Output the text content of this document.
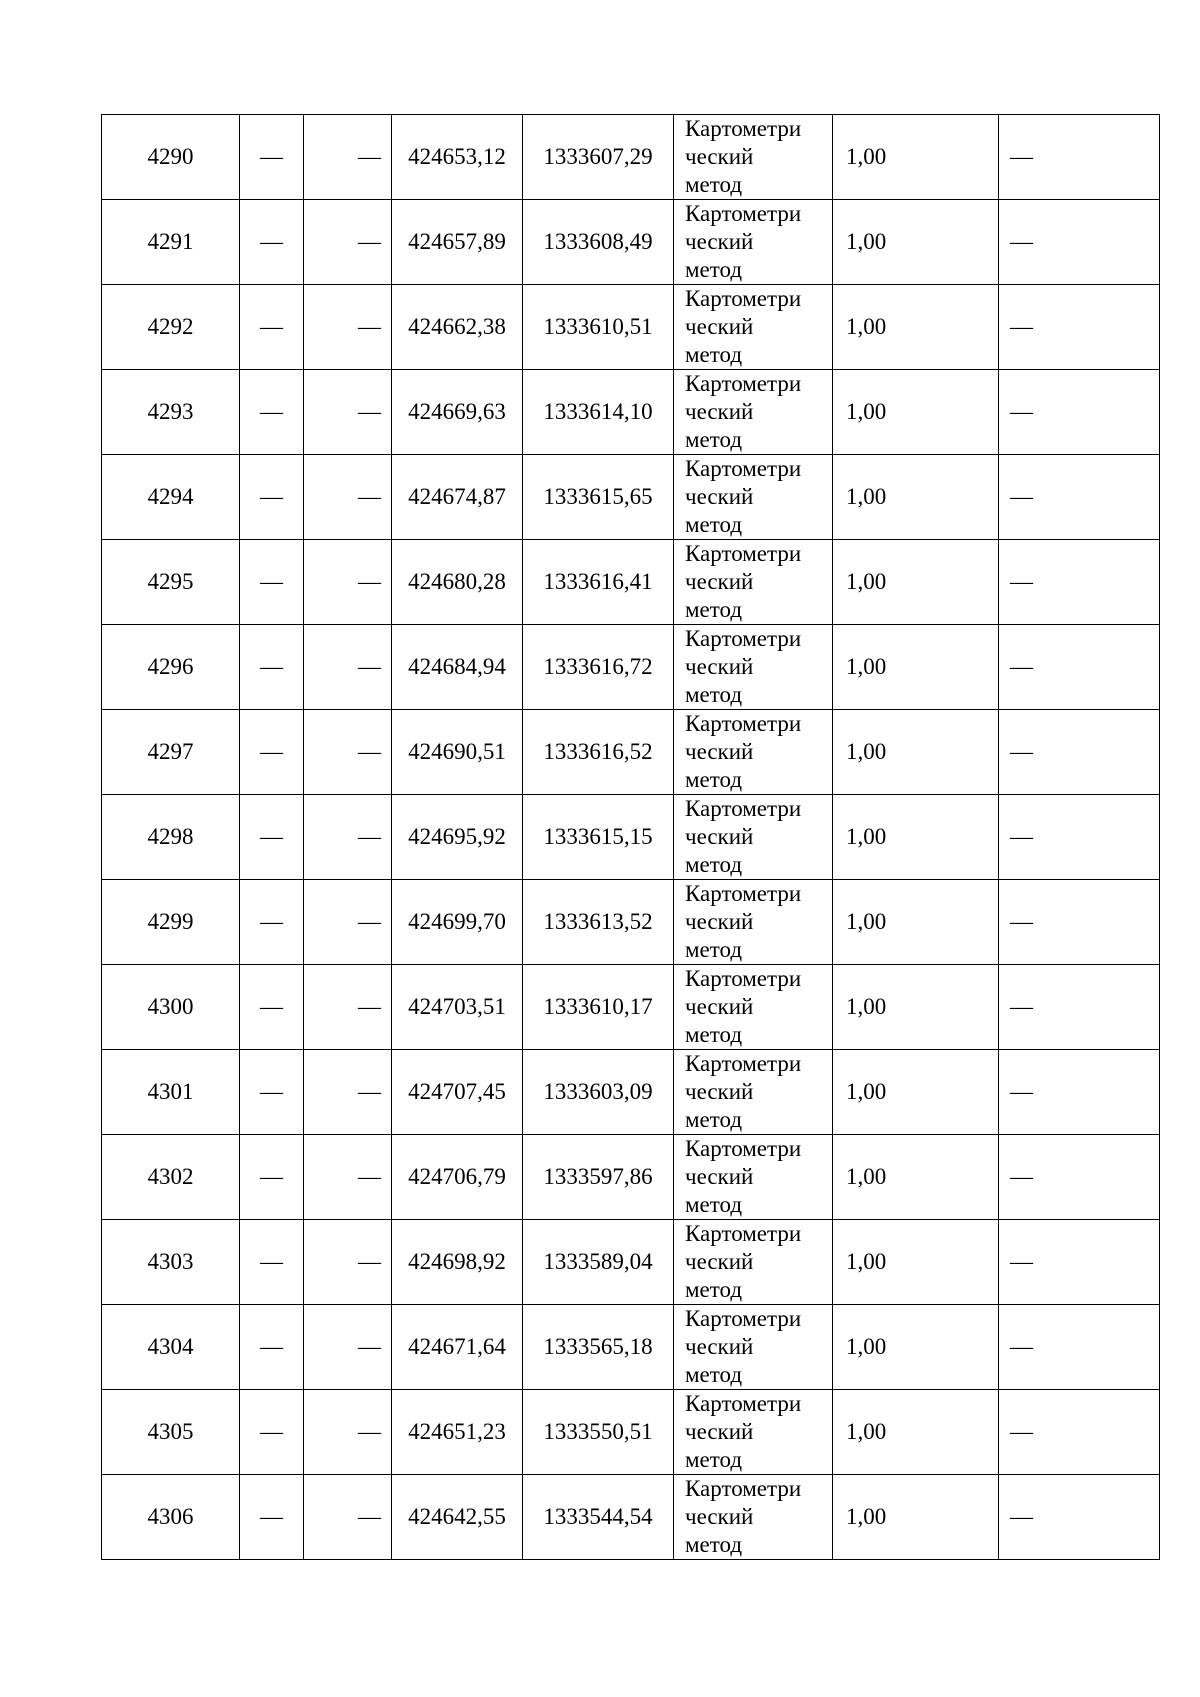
4290	—	—	424653,12	1333607,29	Картометри
ческий
метод	1,00	—
4291	—	—	424657,89	1333608,49	Картометри
ческий
метод	1,00	—
4292	—	—	424662,38	1333610,51	Картометри
ческий
метод	1,00	—
4293	—	—	424669,63	1333614,10	Картометри
ческий
метод	1,00	—
4294	—	—	424674,87	1333615,65	Картометри
ческий
метод	1,00	—
4295	—	—	424680,28	1333616,41	Картометри
ческий
метод	1,00	—
4296	—	—	424684,94	1333616,72	Картометри
ческий
метод	1,00	—
4297	—	—	424690,51	1333616,52	Картометри
ческий
метод	1,00	—
4298	—	—	424695,92	1333615,15	Картометри
ческий
метод	1,00	—
4299	—	—	424699,70	1333613,52	Картометри
ческий
метод	1,00	—
4300	—	—	424703,51	1333610,17	Картометри
ческий
метод	1,00	—
4301	—	—	424707,45	1333603,09	Картометри
ческий
метод	1,00	—
4302	—	—	424706,79	1333597,86	Картометри
ческий
метод	1,00	—
4303	—	—	424698,92	1333589,04	Картометри
ческий
метод	1,00	—
4304	—	—	424671,64	1333565,18	Картометри
ческий
метод	1,00	—
4305	—	—	424651,23	1333550,51	Картометри
ческий
метод	1,00	—
4306	—	—	424642,55	1333544,54	Картометри
ческий
метод	1,00	—
